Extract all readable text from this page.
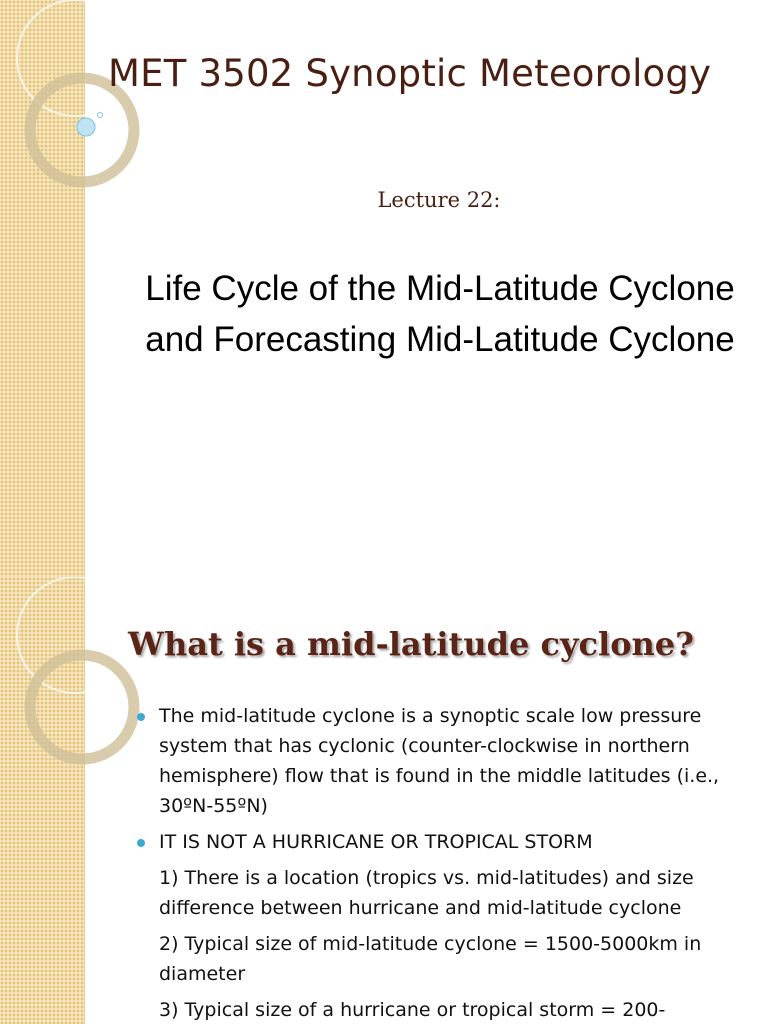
MET 3502 Synoptic Meteorology
Lecture 22:

Life Cycle of the Mid-Latitude Cyclone

and Forecasting Mid-Latitude Cyclone

What is a mid-latitude cyclone?
The mid-latitude cyclone is a synoptic scale low pressure system that has cyclonic (counter-clockwise in northern hemisphere) flow that is found in the middle latitudes (i.e., 30ºN-55ºN)
IT IS NOT A HURRICANE OR TROPICAL STORM
1) There is a location (tropics vs. mid-latitudes) and size difference between hurricane and mid-latitude cyclone
2) Typical size of mid-latitude cyclone = 1500-5000km in diameter
3) Typical size of a hurricane or tropical storm = 200-
